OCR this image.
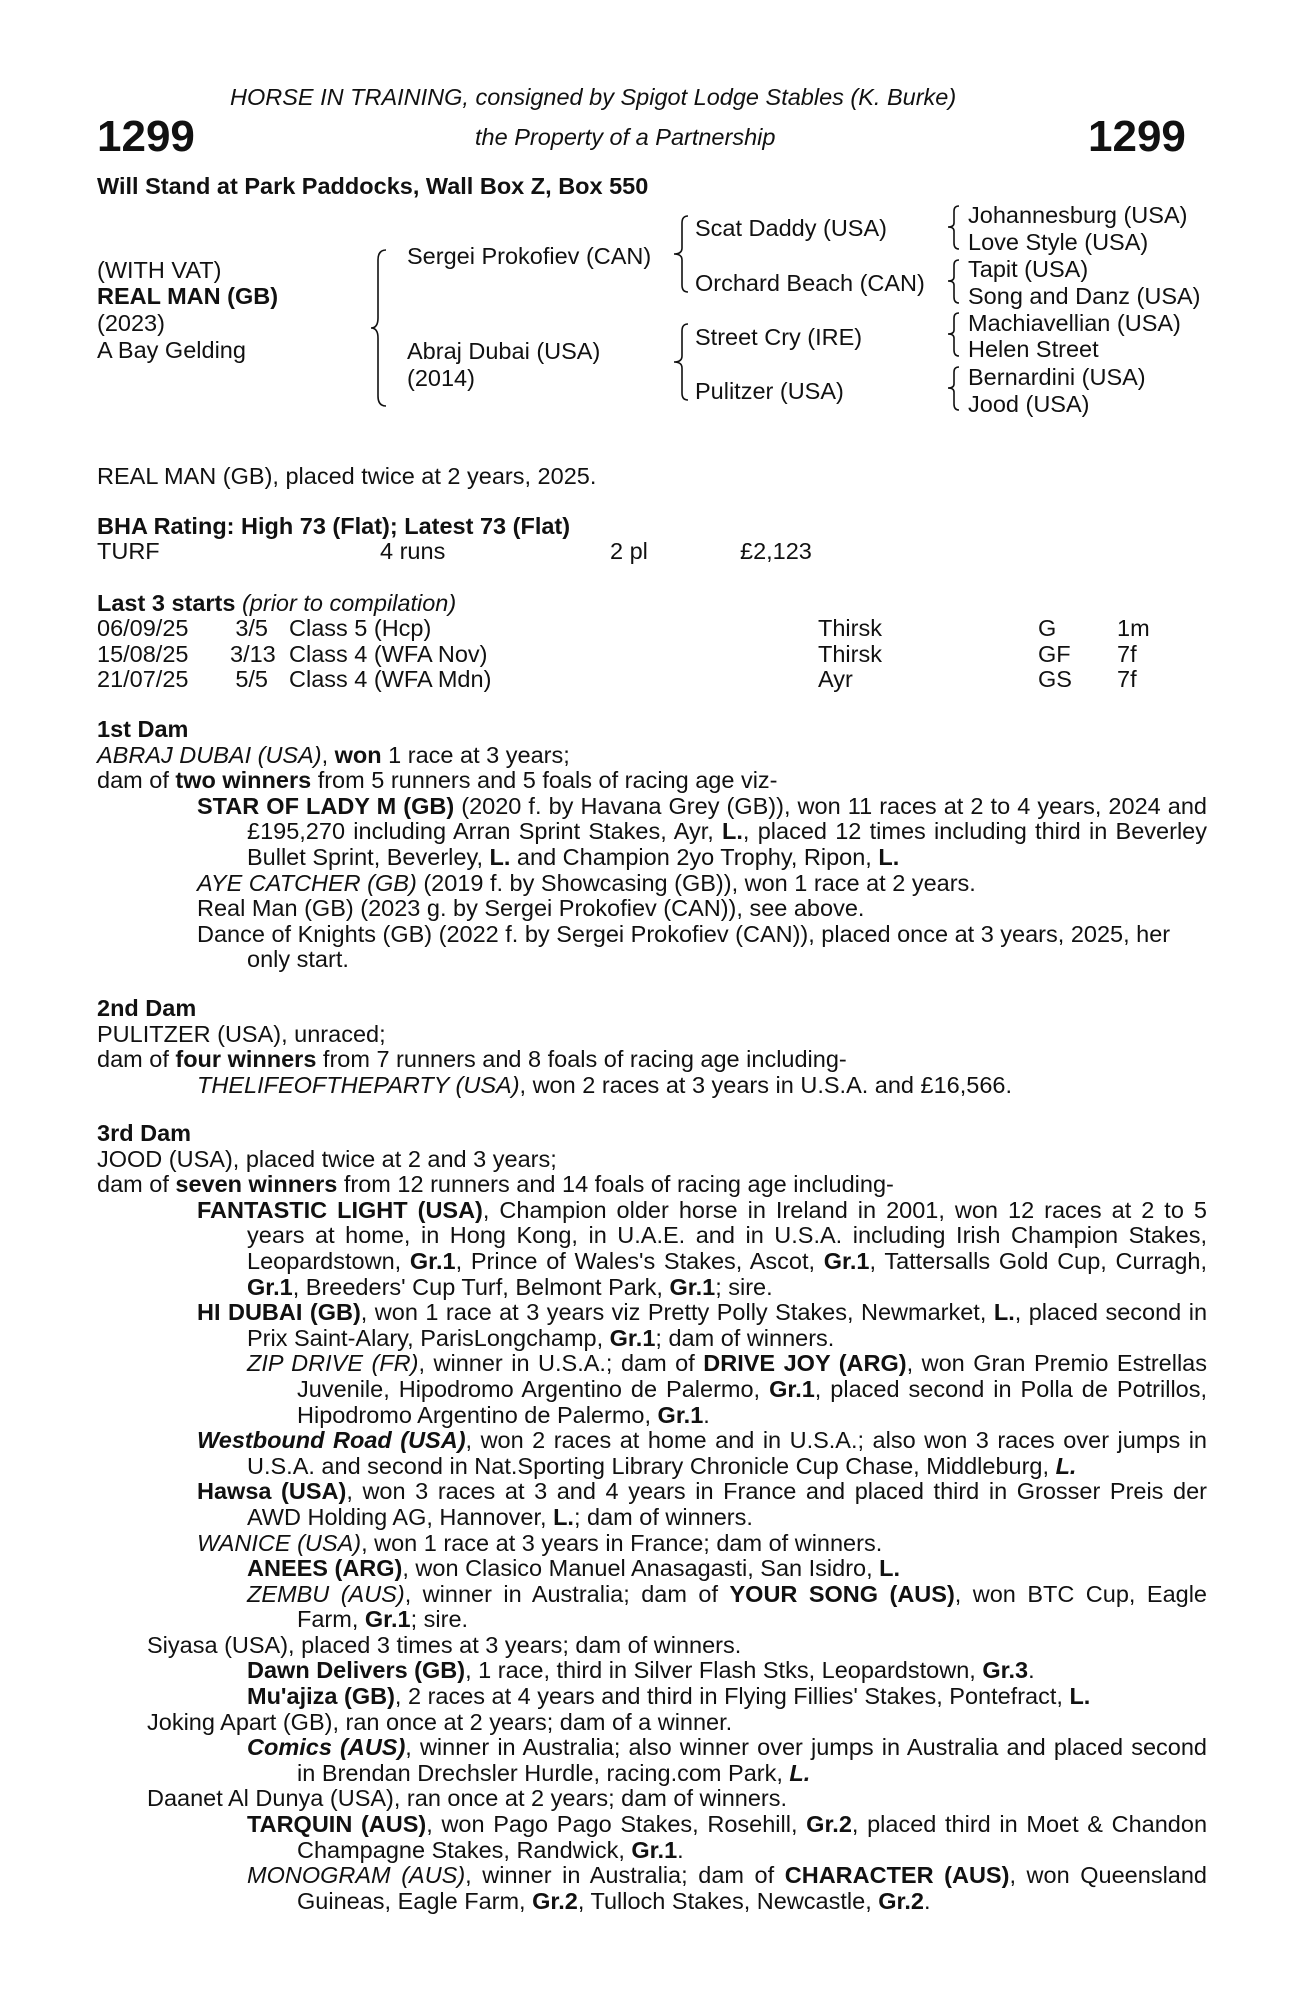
HORSE IN TRAINING, consigned by Spigot Lodge Stables (K. Burke)
1299	the Property of a Partnership	1299
Will Stand at Park Paddocks, Wall Box Z, Box 550
(WITH VAT)
REAL MAN (GB)
(2023)
A Bay Gelding
Sergei Prokofiev (CAN)
Abraj Dubai (USA)
(2014)
Scat Daddy (USA)
Orchard Beach (CAN)
Street Cry (IRE)
Pulitzer (USA)
Johannesburg (USA)
Love Style (USA)
Tapit (USA)
Song and Danz (USA)
Machiavellian (USA)
Helen Street
Bernardini (USA)
Jood (USA)
REAL MAN (GB), placed twice at 2 years, 2025.
BHA Rating: High 73 (Flat); Latest 73 (Flat)
TURF	4 runs	2 pl	£2,123
Last 3 starts (prior to compilation)
06/09/25 3/5 Class 5 (Hcp)	Thirsk	G	1m
15/08/25 3/13 Class 4 (WFA Nov)	Thirsk	GF 7f
21/07/25 5/5 Class 4 (WFA Mdn)	Ayr	GS 7f
1st Dam
ABRAJ DUBAI (USA), won 1 race at 3 years;
dam of two winners from 5 runners and 5 foals of racing age viz-
STAR OF LADY M (GB) (2020 f. by Havana Grey (GB)), won 11 races at 2 to 4 years, 2024 and £195,270 including Arran Sprint Stakes, Ayr, L., placed 12 times including third in Beverley Bullet Sprint, Beverley, L. and Champion 2yo Trophy, Ripon, L.
AYE CATCHER (GB) (2019 f. by Showcasing (GB)), won 1 race at 2 years.
Real Man (GB) (2023 g. by Sergei Prokofiev (CAN)), see above.
Dance of Knights (GB) (2022 f. by Sergei Prokofiev (CAN)), placed once at 3 years, 2025, her only start.
2nd Dam
PULITZER (USA), unraced;
dam of four winners from 7 runners and 8 foals of racing age including-
THELIFEOFTHEPARTY (USA), won 2 races at 3 years in U.S.A. and £16,566.
3rd Dam
JOOD (USA), placed twice at 2 and 3 years;
dam of seven winners from 12 runners and 14 foals of racing age including-
FANTASTIC LIGHT (USA), Champion older horse in Ireland in 2001, won 12 races at 2 to 5 years at home, in Hong Kong, in U.A.E. and in U.S.A. including Irish Champion Stakes, Leopardstown, Gr.1, Prince of Wales's Stakes, Ascot, Gr.1, Tattersalls Gold Cup, Curragh, Gr.1, Breeders' Cup Turf, Belmont Park, Gr.1; sire.
HI DUBAI (GB), won 1 race at 3 years viz Pretty Polly Stakes, Newmarket, L., placed second in Prix Saint-Alary, ParisLongchamp, Gr.1; dam of winners.
ZIP DRIVE (FR), winner in U.S.A.; dam of DRIVE JOY (ARG), won Gran Premio Estrellas Juvenile, Hipodromo Argentino de Palermo, Gr.1, placed second in Polla de Potrillos, Hipodromo Argentino de Palermo, Gr.1.
Westbound Road (USA), won 2 races at home and in U.S.A.; also won 3 races over jumps in U.S.A. and second in Nat.Sporting Library Chronicle Cup Chase, Middleburg, L.
Hawsa (USA), won 3 races at 3 and 4 years in France and placed third in Grosser Preis der AWD Holding AG, Hannover, L.; dam of winners.
WANICE (USA), won 1 race at 3 years in France; dam of winners.
ANEES (ARG), won Clasico Manuel Anasagasti, San Isidro, L.
ZEMBU (AUS), winner in Australia; dam of YOUR SONG (AUS), won BTC Cup, Eagle Farm, Gr.1; sire.
Siyasa (USA), placed 3 times at 3 years; dam of winners.
Dawn Delivers (GB), 1 race, third in Silver Flash Stks, Leopardstown, Gr.3.
Mu'ajiza (GB), 2 races at 4 years and third in Flying Fillies' Stakes, Pontefract, L.
Joking Apart (GB), ran once at 2 years; dam of a winner.
Comics (AUS), winner in Australia; also winner over jumps in Australia and placed second in Brendan Drechsler Hurdle, racing.com Park, L.
Daanet Al Dunya (USA), ran once at 2 years; dam of winners.
TARQUIN (AUS), won Pago Pago Stakes, Rosehill, Gr.2, placed third in Moet & Chandon Champagne Stakes, Randwick, Gr.1.
MONOGRAM (AUS), winner in Australia; dam of CHARACTER (AUS), won Queensland Guineas, Eagle Farm, Gr.2, Tulloch Stakes, Newcastle, Gr.2.
